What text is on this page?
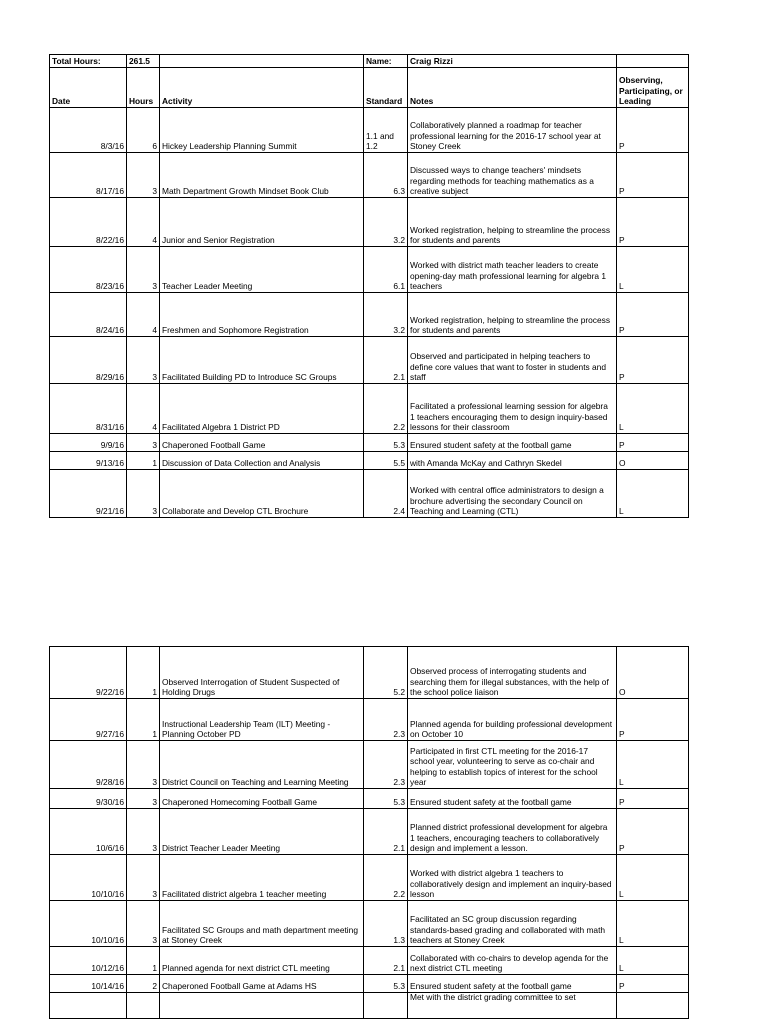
Total Hours:	261.5		Name:	Craig Rizzi	
Date	Hours	Activity	Standard	Notes	Observing, Participating, or Leading
8/3/16	6	Hickey Leadership Planning Summit	1.1 and 1.2	Collaboratively planned a roadmap for teacher professional learning for the 2016-17 school year at Stoney Creek	P
8/17/16	3	Math Department Growth Mindset Book Club	6.3	Discussed ways to change teachers' mindsets regarding methods for teaching mathematics as a creative subject	P
8/22/16	4	Junior and Senior Registration	3.2	Worked registration, helping to streamline the process for students and parents	P
8/23/16	3	Teacher Leader Meeting	6.1	Worked with district math teacher leaders to create opening-day math professional learning for algebra 1 teachers	L
8/24/16	4	Freshmen and Sophomore Registration	3.2	Worked registration, helping to streamline the process for students and parents	P
8/29/16	3	Facilitated Building PD to Introduce SC Groups	2.1	Observed and participated in helping teachers to define core values that want to foster in students and staff	P
8/31/16	4	Facilitated Algebra 1 District PD	2.2	Facilitated a professional learning session for algebra 1 teachers encouraging them to design inquiry-based lessons for their classroom	L
9/9/16	3	Chaperoned Football Game	5.3	Ensured student safety at the football game	P
9/13/16	1	Discussion of Data Collection and Analysis	5.5	with Amanda McKay and Cathryn Skedel	O
9/21/16	3	Collaborate and Develop CTL Brochure	2.4	Worked with central office administrators to design a brochure advertising the secondary Council on Teaching and Learning (CTL)	L
9/22/16	1	Observed Interrogation of Student Suspected of Holding Drugs	5.2	Observed process of interrogating students and searching them for illegal substances, with the help of the school police liaison	O
9/27/16	1	Instructional Leadership Team (ILT) Meeting - Planning October PD	2.3	Planned agenda for building professional development on October 10	P
9/28/16	3	District Council on Teaching and Learning Meeting	2.3	Participated in first CTL meeting for the 2016-17 school year, volunteering to serve as co-chair and helping to establish topics of interest for the school year	L
9/30/16	3	Chaperoned Homecoming Football Game	5.3	Ensured student safety at the football game	P
10/6/16	3	District Teacher Leader Meeting	2.1	Planned district professional development for algebra 1 teachers, encouraging teachers to collaboratively design and implement a lesson.	P
10/10/16	3	Facilitated district algebra 1 teacher meeting	2.2	Worked with district algebra 1 teachers to collaboratively design and implement an inquiry-based lesson	L
10/10/16	3	Facilitated SC Groups and math department meeting at Stoney Creek	1.3	Facilitated an SC group discussion regarding standards-based grading and collaborated with math teachers at Stoney Creek	L
10/12/16	1	Planned agenda for next district CTL meeting	2.1	Collaborated with co-chairs to develop agenda for the next district CTL meeting	L
10/14/16	2	Chaperoned Football Game at Adams HS	5.3	Ensured student safety at the football game	P
				Met with the district grading committee to set	
